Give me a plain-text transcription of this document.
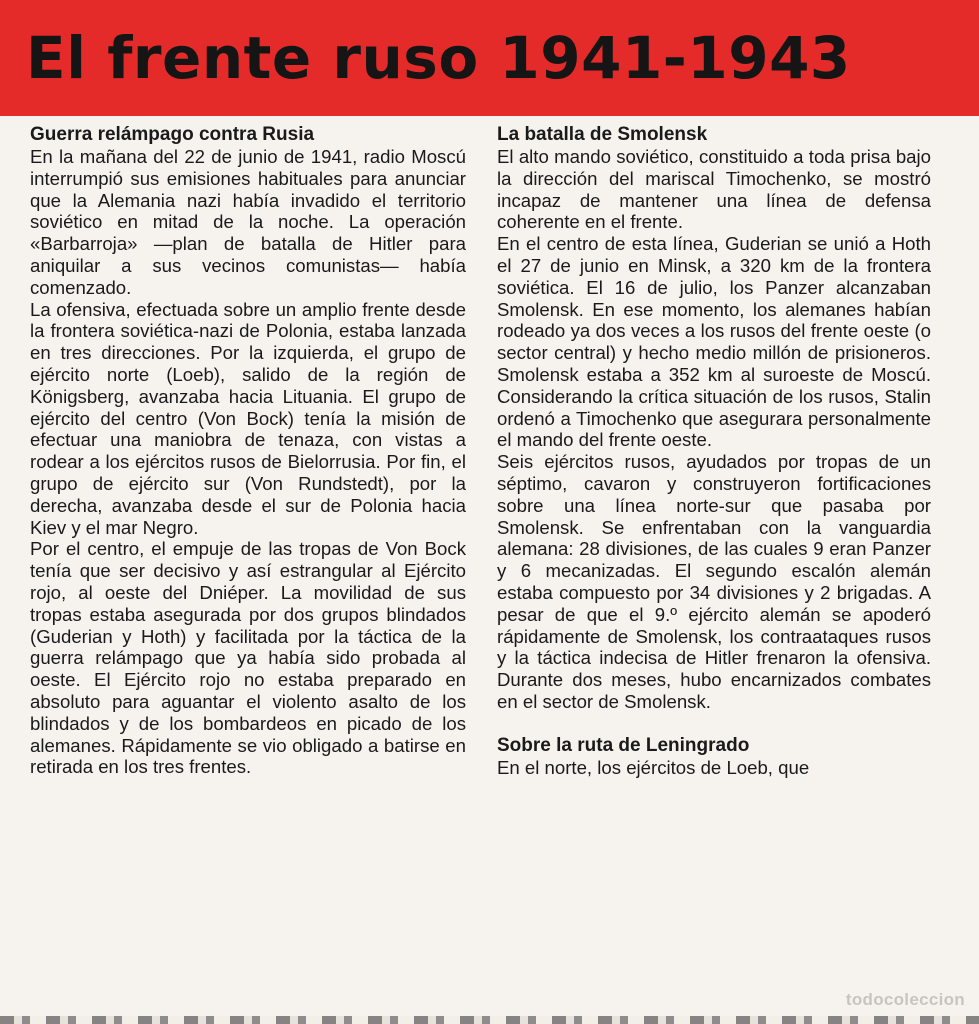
El frente ruso 1941-1943

Guerra relámpago contra Rusia

En la mañana del 22 de junio de 1941, radio Moscú interrumpió sus emisiones habituales para anunciar que la Alemania nazi había invadido el territorio soviético en mitad de la noche. La operación «Barbarroja» —plan de batalla de Hitler para aniquilar a sus vecinos comunistas— había comenzado.

La ofensiva, efectuada sobre un amplio frente desde la frontera soviética-nazi de Polonia, estaba lanzada en tres direcciones. Por la izquierda, el grupo de ejército norte (Loeb), salido de la región de Königsberg, avanzaba hacia Lituania. El grupo de ejército del centro (Von Bock) tenía la misión de efectuar una maniobra de tenaza, con vistas a rodear a los ejércitos rusos de Bielorrusia. Por fin, el grupo de ejército sur (Von Rundstedt), por la derecha, avanzaba desde el sur de Polonia hacia Kiev y el mar Negro.

Por el centro, el empuje de las tropas de Von Bock tenía que ser decisivo y así estrangular al Ejército rojo, al oeste del Dniéper. La movilidad de sus tropas estaba asegurada por dos grupos blindados (Guderian y Hoth) y facilitada por la táctica de la guerra relámpago que ya había sido probada al oeste. El Ejército rojo no estaba preparado en absoluto para aguantar el violento asalto de los blindados y de los bombardeos en picado de los alemanes. Rápidamente se vio obligado a batirse en retirada en los tres frentes.

La batalla de Smolensk

El alto mando soviético, constituido a toda prisa bajo la dirección del mariscal Timochenko, se mostró incapaz de mantener una línea de defensa coherente en el frente.

En el centro de esta línea, Guderian se unió a Hoth el 27 de junio en Minsk, a 320 km de la frontera soviética. El 16 de julio, los Panzer alcanzaban Smolensk. En ese momento, los alemanes habían rodeado ya dos veces a los rusos del frente oeste (o sector central) y hecho medio millón de prisioneros. Smolensk estaba a 352 km al suroeste de Moscú. Considerando la crítica situación de los rusos, Stalin ordenó a Timochenko que asegurara personalmente el mando del frente oeste.

Seis ejércitos rusos, ayudados por tropas de un séptimo, cavaron y construyeron fortificaciones sobre una línea norte-sur que pasaba por Smolensk. Se enfrentaban con la vanguardia alemana: 28 divisiones, de las cuales 9 eran Panzer y 6 mecanizadas. El segundo escalón alemán estaba compuesto por 34 divisiones y 2 brigadas. A pesar de que el 9.º ejército alemán se apoderó rápidamente de Smolensk, los contraataques rusos y la táctica indecisa de Hitler frenaron la ofensiva. Durante dos meses, hubo encarnizados combates en el sector de Smolensk.

Sobre la ruta de Leningrado

En el norte, los ejércitos de Loeb, que

todocoleccion
